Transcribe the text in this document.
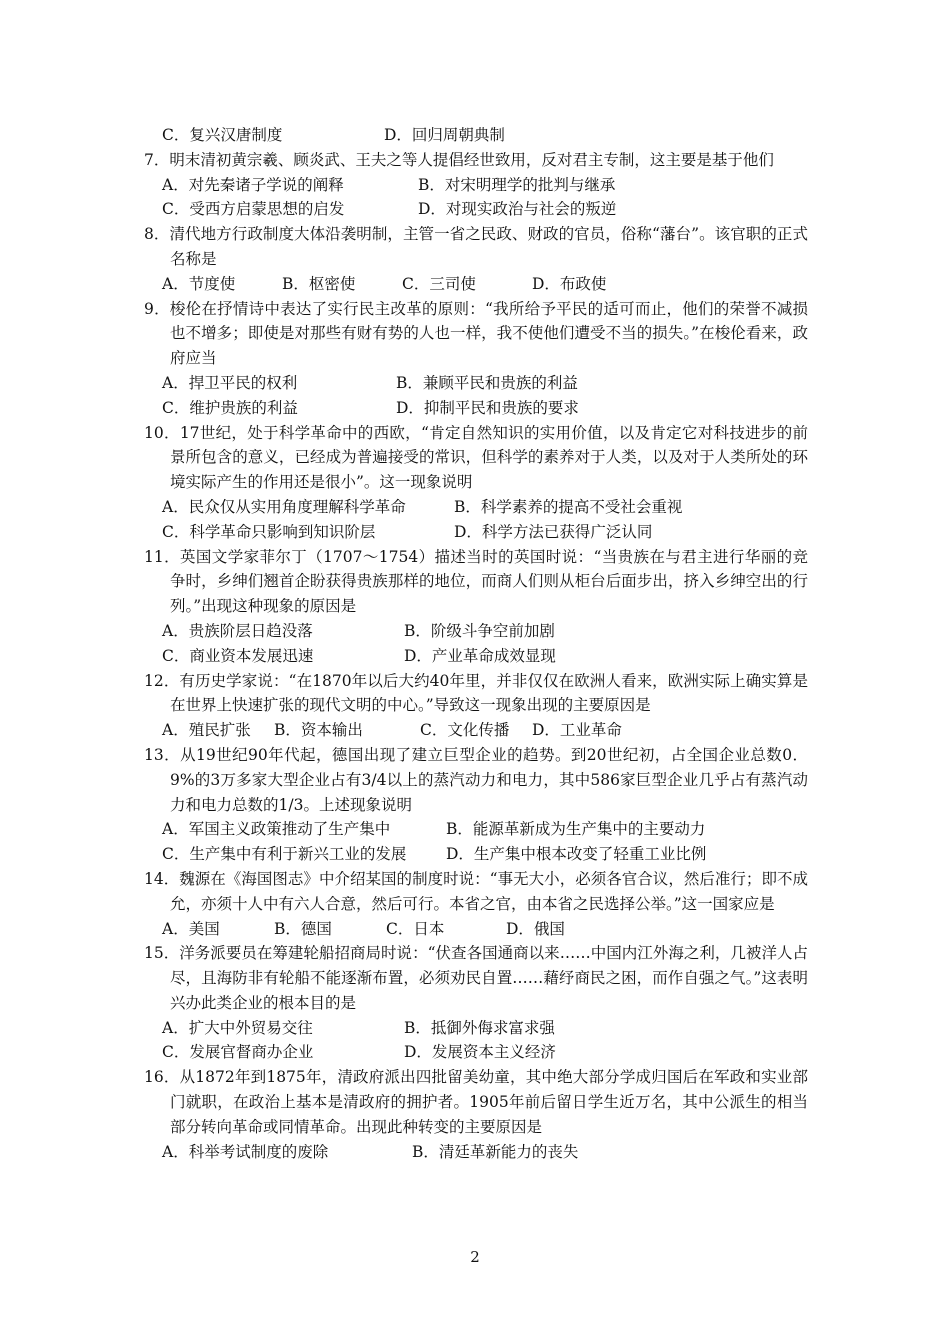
C．复兴汉唐制度	D．回归周朝典制
7．明末清初黄宗羲、顾炎武、王夫之等人提倡经世致用，反对君主专制，这主要是基于他们
A．对先秦诸子学说的阐释	B．对宋明理学的批判与继承
C．受西方启蒙思想的启发	D．对现实政治与社会的叛逆
8．清代地方行政制度大体沿袭明制，主管一省之民政、财政的官员，俗称“藩台”。该官职的正式名称是
A．节度使	B．枢密使	C．三司使	D．布政使
9．梭伦在抒情诗中表达了实行民主改革的原则：“我所给予平民的适可而止，他们的荣誉不减损也不增多；即使是对那些有财有势的人也一样，我不使他们遭受不当的损失。”在梭伦看来，政府应当
A．捍卫平民的权利	B．兼顾平民和贵族的利益
C．维护贵族的利益	D．抑制平民和贵族的要求
10．17世纪，处于科学革命中的西欧，“肯定自然知识的实用价值，以及肯定它对科技进步的前景所包含的意义，已经成为普遍接受的常识，但科学的素养对于人类，以及对于人类所处的环境实际产生的作用还是很小”。这一现象说明
A．民众仅从实用角度理解科学革命	B．科学素养的提高不受社会重视
C．科学革命只影响到知识阶层	D．科学方法已获得广泛认同
11．英国文学家菲尔丁（1707～1754）描述当时的英国时说：“当贵族在与君主进行华丽的竞争时，乡绅们翘首企盼获得贵族那样的地位，而商人们则从柜台后面步出，挤入乡绅空出的行列。”出现这种现象的原因是
A．贵族阶层日趋没落	B．阶级斗争空前加剧
C．商业资本发展迅速	D．产业革命成效显现
12．有历史学家说：“在1870年以后大约40年里，并非仅仅在欧洲人看来，欧洲实际上确实算是在世界上快速扩张的现代文明的中心。”导致这一现象出现的主要原因是
A．殖民扩张	B．资本输出	C．文化传播	D．工业革命
13．从19世纪90年代起，德国出现了建立巨型企业的趋势。到20世纪初，占全国企业总数0．9%的3万多家大型企业占有3/4以上的蒸汽动力和电力，其中586家巨型企业几乎占有蒸汽动力和电力总数的1/3。上述现象说明
A．军国主义政策推动了生产集中	B．能源革新成为生产集中的主要动力
C．生产集中有利于新兴工业的发展	D．生产集中根本改变了轻重工业比例
14．魏源在《海国图志》中介绍某国的制度时说：“事无大小，必须各官合议，然后准行；即不成允，亦须十人中有六人合意，然后可行。本省之官，由本省之民选择公举。”这一国家应是
A．美国	B．德国	C．日本	D．俄国
15．洋务派要员在筹建轮船招商局时说：“伏查各国通商以来……中国内江外海之利，几被洋人占尽，且海防非有轮船不能逐渐布置，必须劝民自置……藉纾商民之困，而作自强之气。”这表明兴办此类企业的根本目的是
A．扩大中外贸易交往	B．抵御外侮求富求强
C．发展官督商办企业	D．发展资本主义经济
16．从1872年到1875年，清政府派出四批留美幼童，其中绝大部分学成归国后在军政和实业部门就职，在政治上基本是清政府的拥护者。1905年前后留日学生近万名，其中公派生的相当部分转向革命或同情革命。出现此种转变的主要原因是
A．科举考试制度的废除	B．清廷革新能力的丧失
2
